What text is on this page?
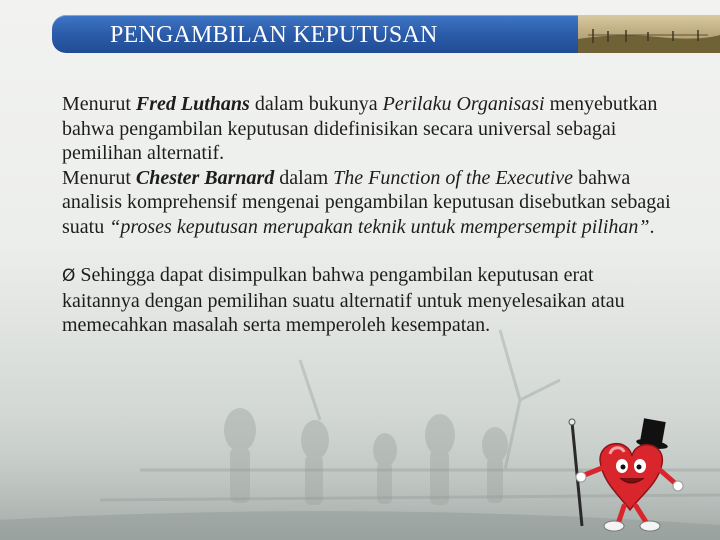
PENGAMBILAN KEPUTUSAN

Menurut Fred Luthans dalam bukunya Perilaku Organisasi menyebutkan bahwa pengambilan keputusan didefinisikan secara universal sebagai pemilihan alternatif.

Menurut Chester Barnard dalam The Function of the Executive bahwa analisis komprehensif mengenai pengambilan keputusan disebutkan sebagai suatu “proses keputusan merupakan teknik untuk mempersempit pilihan”.

Ø Sehingga dapat disimpulkan bahwa pengambilan keputusan erat kaitannya dengan pemilihan suatu alternatif untuk menyelesaikan atau memecahkan masalah serta memperoleh kesempatan.
